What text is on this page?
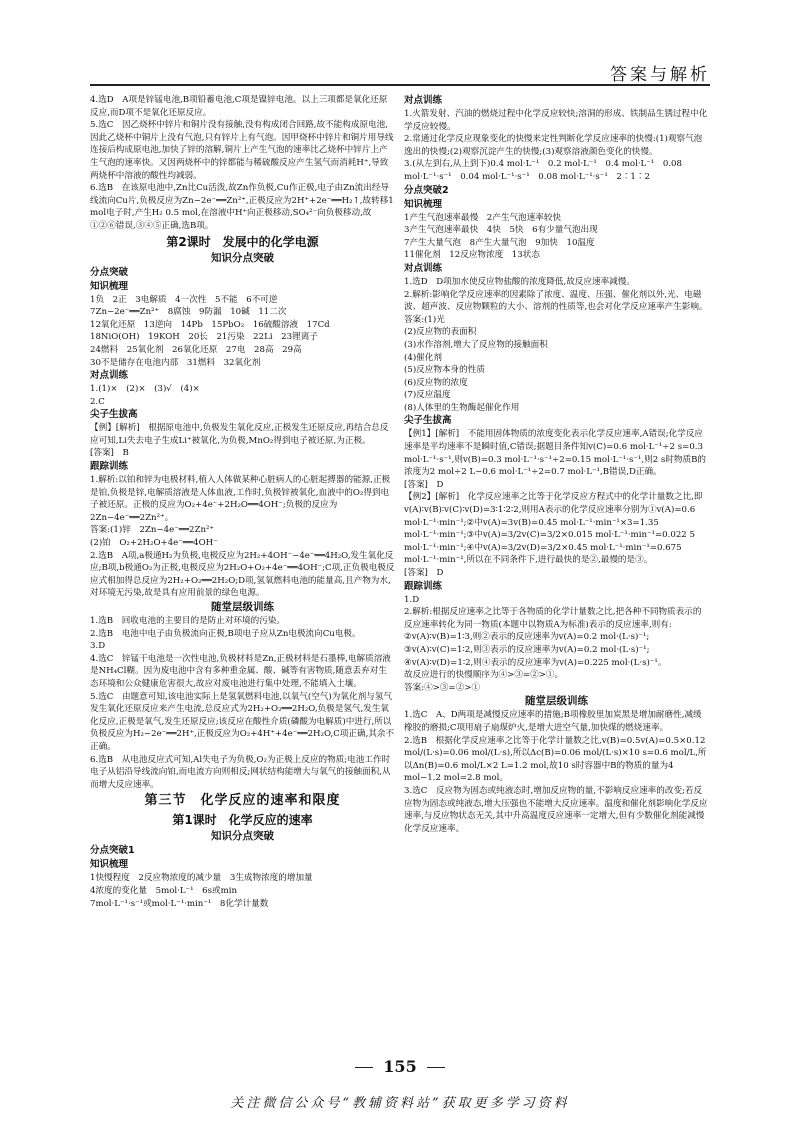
答案与解析

4.选D　A项是锌锰电池,B项铅蓄电池,C项是镍锌电池。以上三项都是氧化还原反应,而D项不是氧化还原反应。

5.选C　因乙烧杯中锌片和铜片没有接触,没有构成闭合回路,故不能构成原电池,因此乙烧杯中铜片上没有气泡,只有锌片上有气泡。因甲烧杯中锌片和铜片用导线连接后构成原电池,加快了锌的溶解,铜片上产生气泡的速率比乙烧杯中锌片上产生气泡的速率快。又因两烧杯中的锌都能与稀硫酸反应产生氢气而消耗H⁺,导致两烧杯中溶液的酸性均减弱。

6.选B　在该原电池中,Zn比Cu活泼,故Zn作负极,Cu作正极,电子由Zn流出经导线流向Cu片,负极反应为Zn−2e⁻══Zn²⁺,正极反应为2H⁺+2e⁻══H₂↑,故转移1 mol电子时,产生H₂ 0.5 mol,在溶液中H⁺向正极移动,SO₄²⁻向负极移动,故①②⑥错误,③④⑤正确,选B项。

第2课时　发展中的化学电源

知识分点突破

分点突破

知识梳理

1负　2正　3电解质　4一次性　5不能　6不可逆

7Zn−2e⁻══Zn²⁺　8腐蚀　9防漏　10碱　11二次

12氧化还原　13逆向　14Pb　15PbO₂　16硫酸溶液　17Cd

18NiO(OH)　19KOH　20长　21污染　22Li　23锂离子

24燃料　25氧化剂　26氧化还原　27电　28高　29高

30不是储存在电池内部　31燃料　32氧化剂

对点训练

1.(1)×　(2)×　(3)√　(4)×

2.C

尖子生拔高

【例】[解析]　根据原电池中,负极发生氧化反应,正极发生还原反应,再结合总反应可知,Li失去电子生成Li⁺被氧化,为负极,MnO₂得到电子被还原,为正极。

[答案]　B

跟踪训练

1.解析:以铂和锌为电极材料,植入人体做某种心脏病人的心脏起搏器的能源,正极是铂,负极是锌,电解质溶液是人体血液,工作时,负极锌被氧化,血液中的O₂得到电子被还原。正极的反应为O₂+4e⁻+2H₂O══4OH⁻;负极的反应为2Zn−4e⁻══2Zn²⁺。

答案:(1)锌　2Zn−4e⁻══2Zn²⁺

(2)铂　O₂+2H₂O+4e⁻══4OH⁻

2.选B　A项,a极通H₂为负极,电极反应为2H₂+4OH⁻−4e⁻══4H₂O,发生氧化反应;B项,b极通O₂为正极,电极反应为2H₂O+O₂+4e⁻══4OH⁻;C项,正负极电极反应式相加得总反应为2H₂+O₂══2H₂O;D项,氢氧燃料电池的能量高,且产物为水,对环境无污染,故是具有应用前景的绿色电源。

随堂层级训练

1.选B　回收电池的主要目的是防止对环境的污染。

2.选B　电池中电子由负极流向正极,B项电子应从Zn电极流向Cu电极。

3.D

4.选C　锌锰干电池是一次性电池,负极材料是Zn,正极材料是石墨棒,电解质溶液是NH₄Cl糊。因为废电池中含有多种重金属、酸、碱等有害物质,随意丢弃对生态环境和公众健康危害很大,故应对废电池进行集中处理,不能填入土壤。

5.选C　由题意可知,该电池实际上是氢氧燃料电池,以氧气(空气)为氧化剂与氢气发生氧化还原反应来产生电流,总反应式为2H₂+O₂══2H₂O,负极是氢气,发生氧化反应,正极是氧气,发生还原反应;该反应在酸性介质(磷酸为电解质)中进行,所以负极反应为H₂−2e⁻══2H⁺,正极反应为O₂+4H⁺+4e⁻══2H₂O,C项正确,其余不正确。

6.选B　从电池反应式可知,Al失电子为负极,O₂为正极上反应的物质;电池工作时电子从铝沿导线流向铂,而电流方向则相反;网状结构能增大与氧气的接触面积,从而增大反应速率。

第三节　化学反应的速率和限度

第1课时　化学反应的速率

知识分点突破

分点突破1

知识梳理

1快慢程度　2反应物浓度的减少量　3生成物浓度的增加量

4浓度的变化量　5mol·L⁻¹　6s或min

7mol·L⁻¹·s⁻¹或mol·L⁻¹·min⁻¹　8化学计量数

对点训练

1.火箭发射、汽油的燃烧过程中化学反应较快;溶洞的形成、铁制品生锈过程中化学反应较慢。

2.常通过化学反应现象变化的快慢来定性判断化学反应速率的快慢:(1)观察气泡逸出的快慢;(2)观察沉淀产生的快慢;(3)观察溶液颜色变化的快慢。

3.(从左到右,从上到下)0.4 mol·L⁻¹　0.2 mol·L⁻¹　0.4 mol·L⁻¹　0.08 mol·L⁻¹·s⁻¹　0.04 mol·L⁻¹·s⁻¹　0.08 mol·L⁻¹·s⁻¹　2∶1∶2

分点突破2

知识梳理

1产生气泡速率最慢　2产生气泡速率较快

3产生气泡速率最快　4快　5快　6有少量气泡出现

7产生大量气泡　8产生大量气泡　9加快　10温度

11催化剂　12反应物浓度　13状态

对点训练

1.选D　D项加水使反应物盐酸的浓度降低,故反应速率减慢。

2.解析:影响化学反应速率的因素除了浓度、温度、压强、催化剂以外,光、电磁波、超声波、反应物颗粒的大小、溶剂的性质等,也会对化学反应速率产生影响。

答案:(1)光

(2)反应物的表面积

(3)水作溶剂,增大了反应物的接触面积

(4)催化剂

(5)反应物本身的性质

(6)反应物的浓度

(7)反应温度

(8)人体里的生物酶起催化作用

尖子生拔高

【例1】[解析]　不能用固体物质的浓度变化表示化学反应速率,A错误;化学反应速率是平均速率不是瞬时值,C错误;据题目条件知v(C)=0.6 mol·L⁻¹÷2 s=0.3 mol·L⁻¹·s⁻¹,则v(B)=0.3 mol·L⁻¹·s⁻¹÷2=0.15 mol·L⁻¹·s⁻¹,则2 s时物质B的浓度为2 mol÷2 L−0.6 mol·L⁻¹÷2=0.7 mol·L⁻¹,B错误,D正确。

[答案]　D

【例2】[解析]　化学反应速率之比等于化学反应方程式中的化学计量数之比,即v(A)∶v(B)∶v(C)∶v(D)=3∶1∶2∶2,则用A表示的化学反应速率分别为①v(A)=0.6 mol·L⁻¹·min⁻¹;②中v(A)=3v(B)=0.45 mol·L⁻¹·min⁻¹×3=1.35 mol·L⁻¹·min⁻¹;③中v(A)=3/2v(C)=3/2×0.015 mol·L⁻¹·min⁻¹=0.022 5 mol·L⁻¹·min⁻¹;④中v(A)=3/2v(D)=3/2×0.45 mol·L⁻¹·min⁻¹=0.675 mol·L⁻¹·min⁻¹,所以在不同条件下,进行最快的是②,最慢的是③。

[答案]　D

跟踪训练

1.D

2.解析:根据反应速率之比等于各物质的化学计量数之比,把各种不同物质表示的反应速率转化为同一物质(本题中以物质A为标准)表示的反应速率,则有:

②v(A)∶v(B)=1∶3,则②表示的反应速率为v(A)=0.2 mol·(L·s)⁻¹;

③v(A)∶v(C)=1∶2,则③表示的反应速率为v(A)=0.2 mol·(L·s)⁻¹;

④v(A)∶v(D)=1∶2,则④表示的反应速率为v(A)=0.225 mol·(L·s)⁻¹。

故反应进行的快慢顺序为④>③=②>①。

答案:④>③=②>①

随堂层级训练

1.选C　A、D两项是减慢反应速率的措施;B项橡胶里加炭黑是增加耐磨性,减缓橡胶的磨损;C项用扇子扇煤炉火,是增大进空气量,加快煤的燃烧速率。

2.选B　根据化学反应速率之比等于化学计量数之比,v(B)=0.5v(A)=0.5×0.12 mol/(L·s)=0.06 mol/(L·s),所以Δc(B)=0.06 mol/(L·s)×10 s=0.6 mol/L,所以Δn(B)=0.6 mol/L×2 L=1.2 mol,故10 s时容器中B的物质的量为4 mol−1.2 mol=2.8 mol。

3.选C　反应物为固态或纯液态时,增加反应物的量,不影响反应速率的改变;若反应物为固态或纯液态,增大压强也不能增大反应速率。温度和催化剂影响化学反应速率,与反应物状态无关,其中升高温度反应速率一定增大,但有少数催化剂能减慢化学反应速率。

155
关注微信公众号“教辅资料站”获取更多学习资料
